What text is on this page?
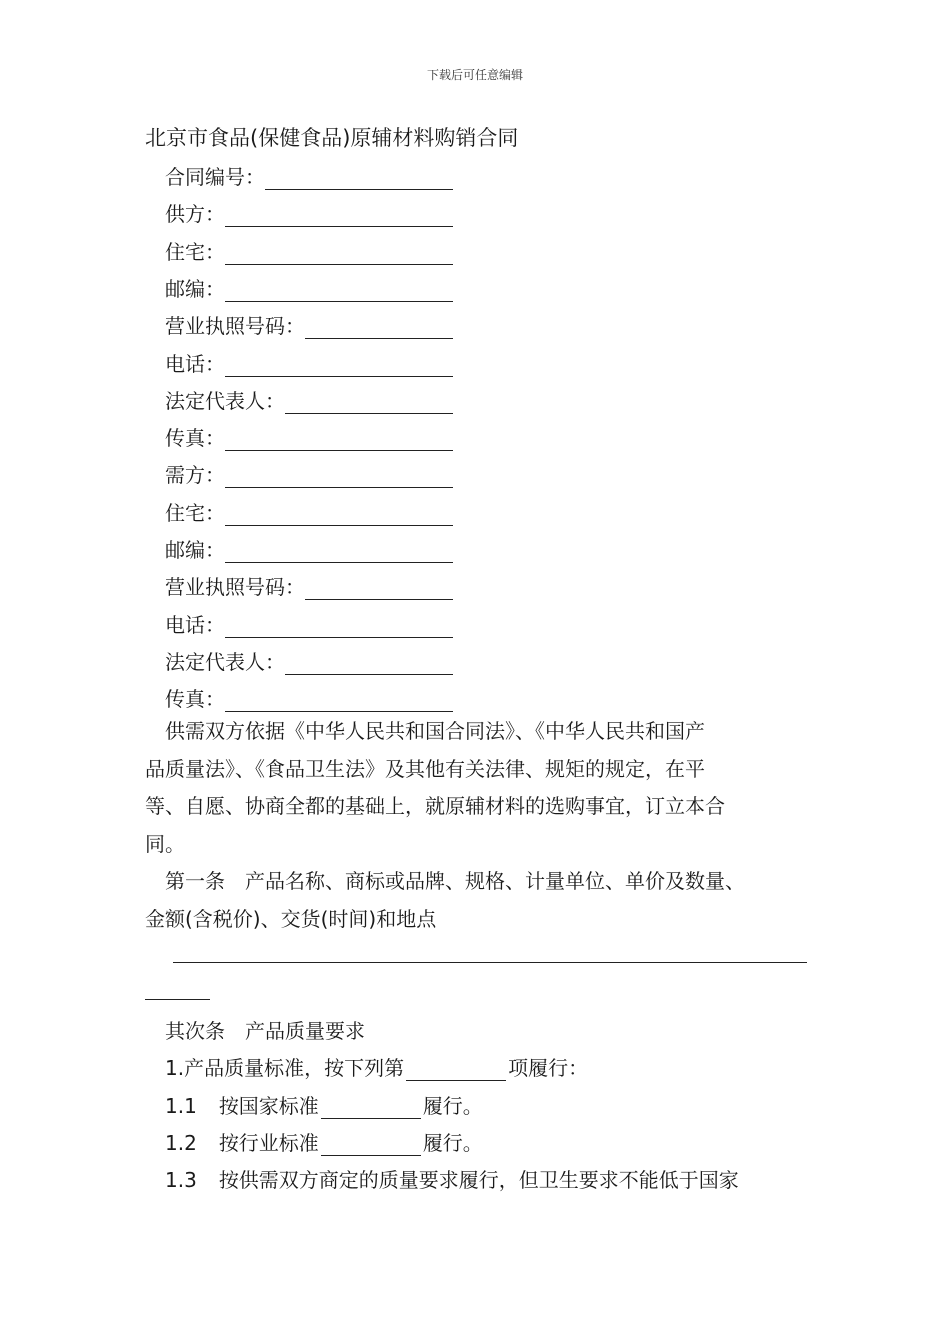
下载后可任意编辑
北京市食品(保健食品)原辅材料购销合同
合同编号：
供方：
住宅：
邮编：
营业执照号码：
电话：
法定代表人：
传真：
需方：
住宅：
邮编：
营业执照号码：
电话：
法定代表人：
传真：
　供需双方依据《中华人民共和国合同法》、《中华人民共和国产
品质量法》、《食品卫生法》及其他有关法律、规矩的规定，在平
等、自愿、协商全都的基础上，就原辅材料的选购事宜，订立本合
同。
　第一条　产品名称、商标或品牌、规格、计量单位、单价及数量、
金额(含税价)、交货(时间)和地点
其次条　产品质量要求
1.产品质量标准，按下列第	项履行：
1.1 按国家标准	履行。
1.2 按行业标准	履行。
1.3 按供需双方商定的质量要求履行，但卫生要求不能低于国家
